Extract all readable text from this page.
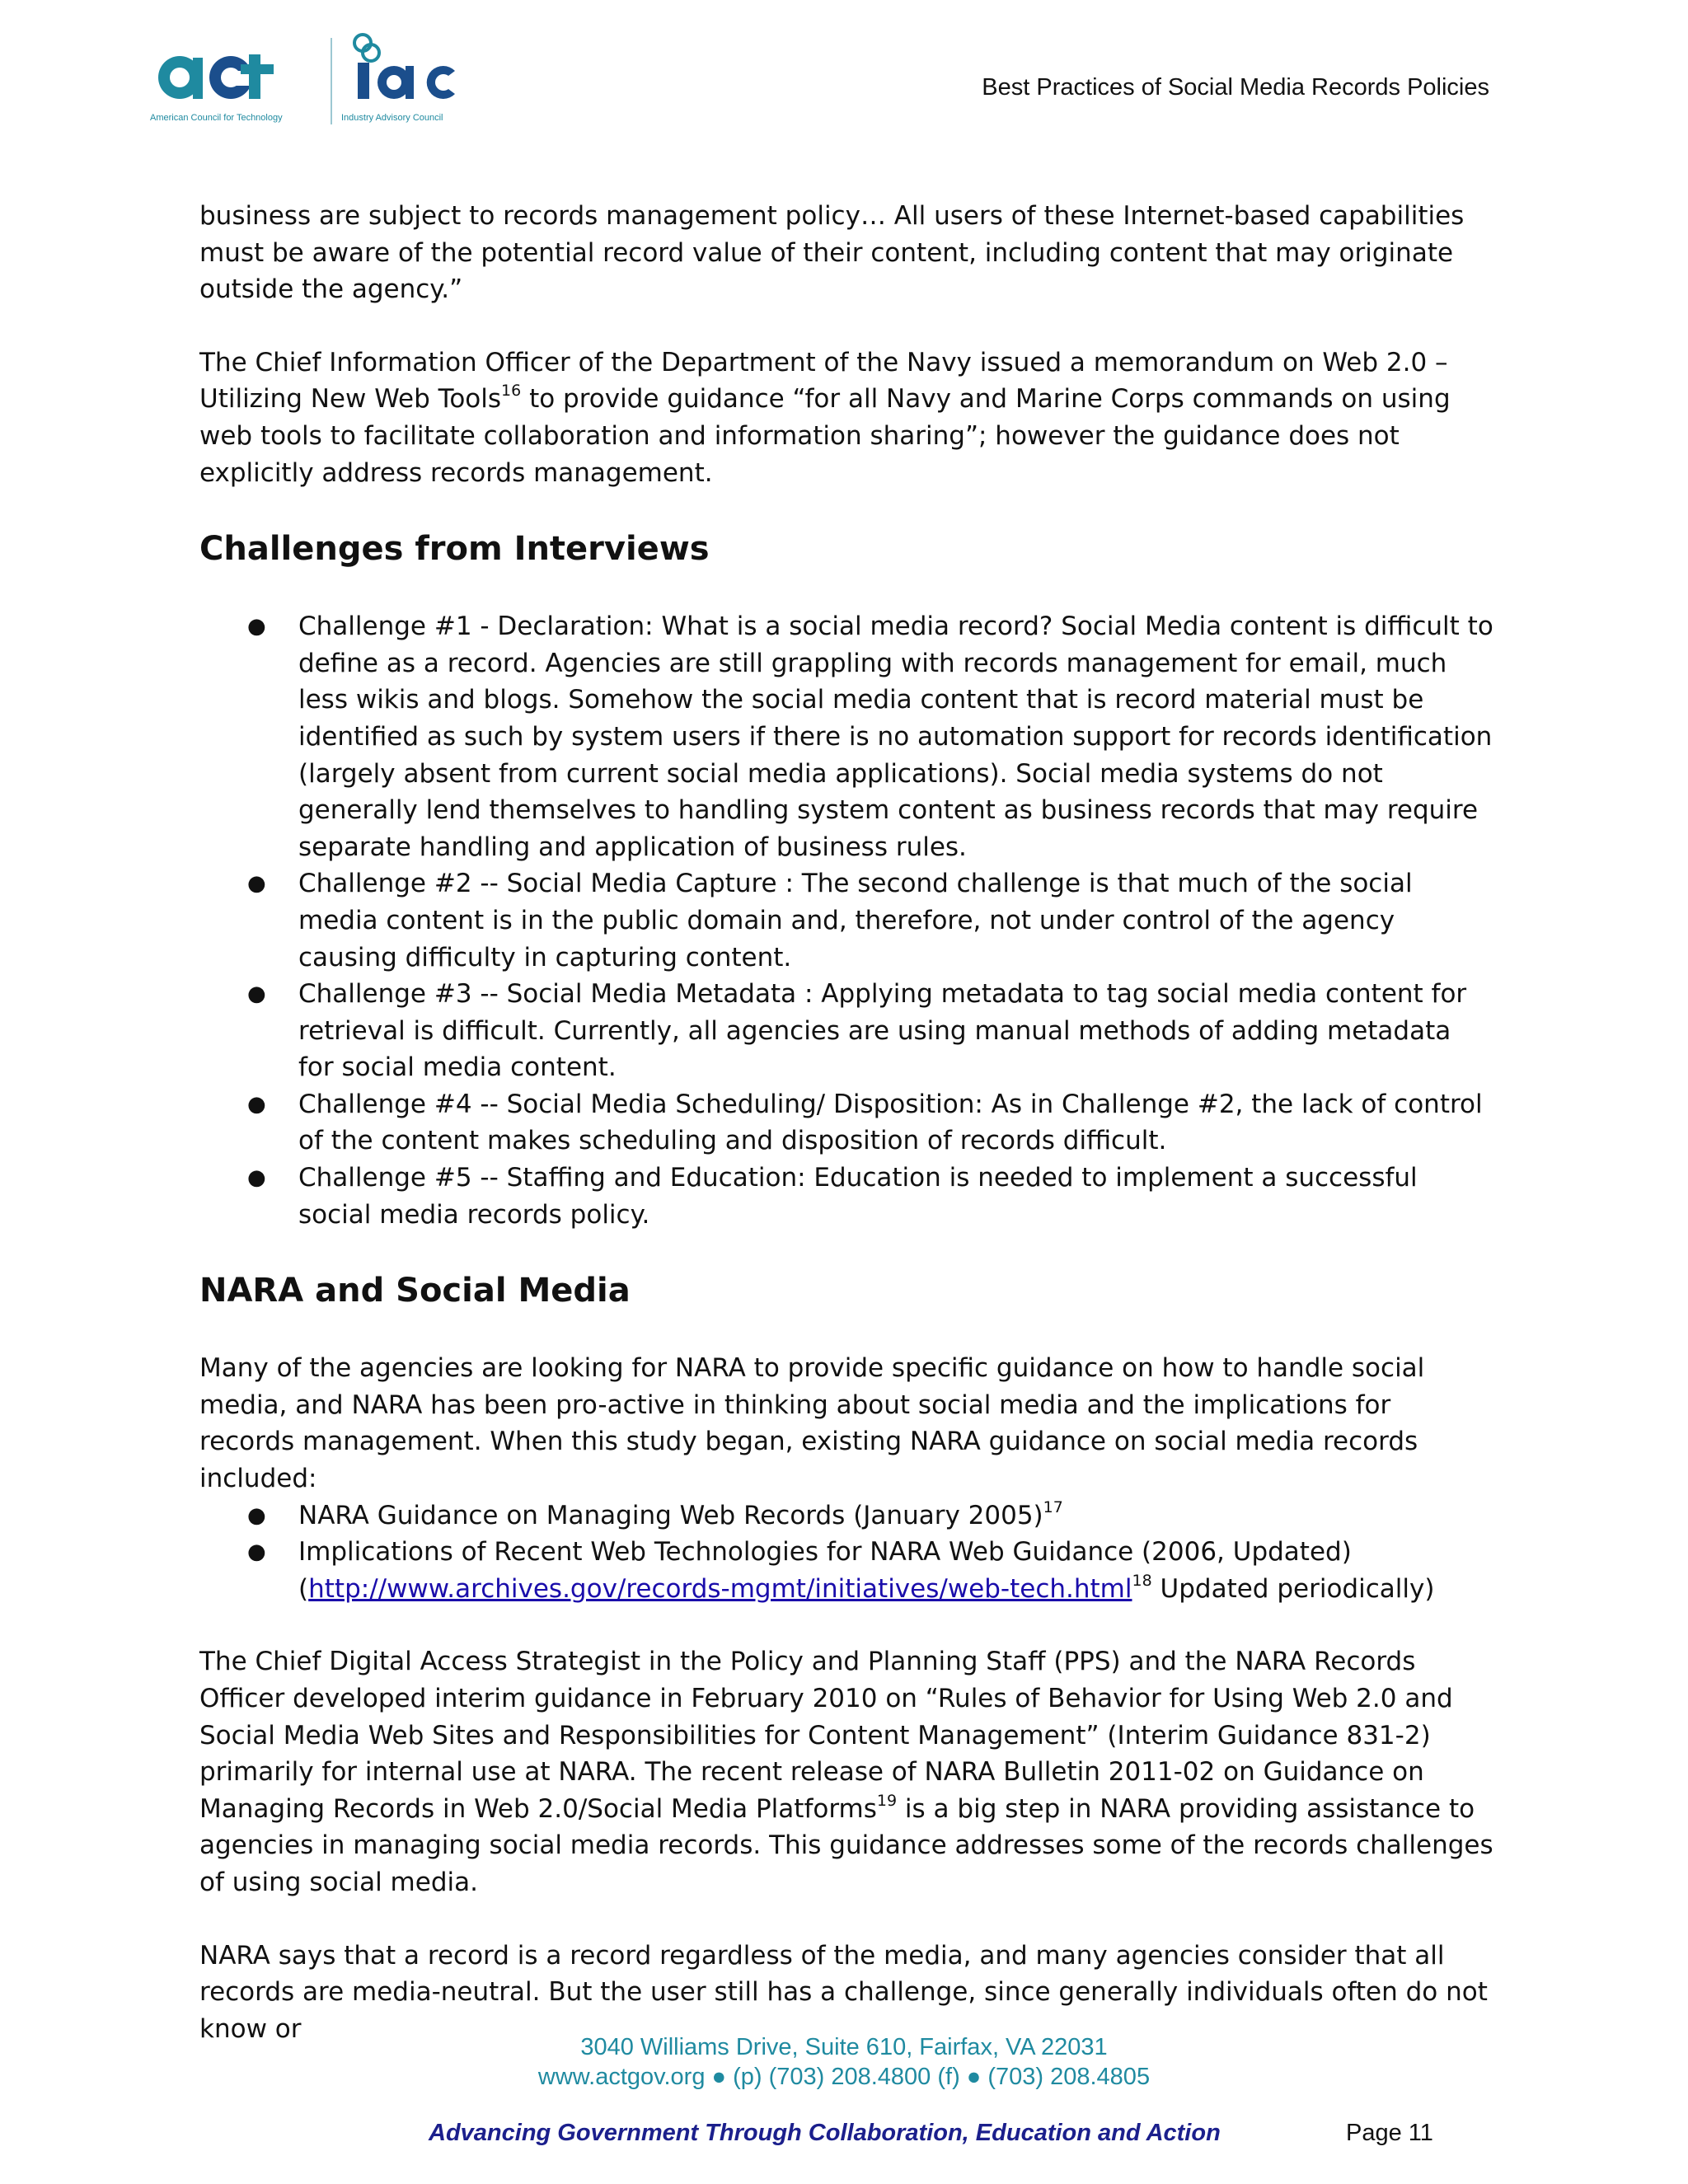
American Council for Technology	Industry Advisory Council
Best Practices of Social Media Records Policies

business are subject to records management policy… All users of these Internet-based capabilities must be aware of the potential record value of their content, including content that may originate outside the agency.”

The Chief Information Officer of the Department of the Navy issued a memorandum on Web 2.0 – Utilizing New Web Tools$^{16}$ to provide guidance “for all Navy and Marine Corps commands on using web tools to facilitate collaboration and information sharing”; however the guidance does not explicitly address records management.

Challenges from Interviews
● Challenge #1 - Declaration: What is a social media record? Social Media content is difficult to define as a record. Agencies are still grappling with records management for email, much less wikis and blogs. Somehow the social media content that is record material must be identified as such by system users if there is no automation support for records identification (largely absent from current social media applications). Social media systems do not generally lend themselves to handling system content as business records that may require separate handling and application of business rules.
● Challenge #2 -- Social Media Capture : The second challenge is that much of the social media content is in the public domain and, therefore, not under control of the agency causing difficulty in capturing content.
● Challenge #3 -- Social Media Metadata : Applying metadata to tag social media content for retrieval is difficult. Currently, all agencies are using manual methods of adding metadata for social media content.
● Challenge #4 -- Social Media Scheduling/ Disposition: As in Challenge #2, the lack of control of the content makes scheduling and disposition of records difficult.
● Challenge #5 -- Staffing and Education: Education is needed to implement a successful social media records policy.
NARA and Social Media

Many of the agencies are looking for NARA to provide specific guidance on how to handle social media, and NARA has been pro-active in thinking about social media and the implications for records management. When this study began, existing NARA guidance on social media records included:

● NARA Guidance on Managing Web Records (January 2005)$^{17}$
● Implications of Recent Web Technologies for NARA Web Guidance (2006, Updated) (http://www.archives.gov/records-mgmt/initiatives/web-tech.html$^{18}$ Updated periodically)

The Chief Digital Access Strategist in the Policy and Planning Staff (PPS) and the NARA Records Officer developed interim guidance in February 2010 on “Rules of Behavior for Using Web 2.0 and Social Media Web Sites and Responsibilities for Content Management” (Interim Guidance 831-2) primarily for internal use at NARA. The recent release of NARA Bulletin 2011-02 on Guidance on Managing Records in Web 2.0/Social Media Platforms$^{19}$ is a big step in NARA providing assistance to agencies in managing social media records. This guidance addresses some of the records challenges of using social media.

NARA says that a record is a record regardless of the media, and many agencies consider that all records are media-neutral. But the user still has a challenge, since generally individuals often do not know or

3040 Williams Drive, Suite 610, Fairfax, VA 22031
www.actgov.org ● (p) (703) 208.4800 (f) ● (703) 208.4805
Advancing Government Through Collaboration, Education and Action	Page 11
